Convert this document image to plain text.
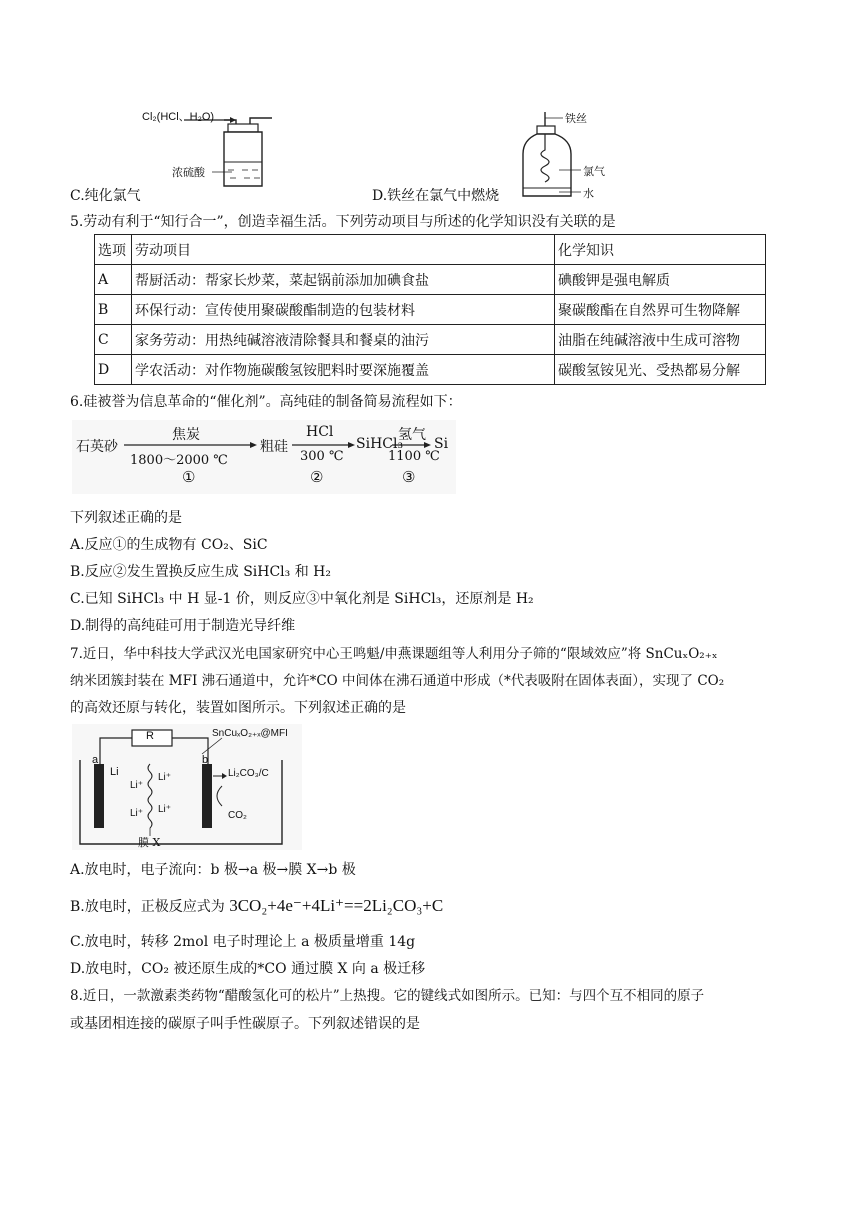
Cl₂(HCl、H₂O)
浓硫酸
铁丝
氯气
水
C.纯化氯气	D.铁丝在氯气中燃烧
5.劳动有利于“知行合一”，创造幸福生活。下列劳动项目与所述的化学知识没有关联的是
选项	劳动项目	化学知识
A	帮厨活动：帮家长炒菜，菜起锅前添加加碘食盐	碘酸钾是强电解质
B	环保行动：宣传使用聚碳酸酯制造的包装材料	聚碳酸酯在自然界可生物降解
C	家务劳动：用热纯碱溶液清除餐具和餐桌的油污	油脂在纯碱溶液中生成可溶物
D	学农活动：对作物施碳酸氢铵肥料时要深施覆盖	碳酸氢铵见光、受热都易分解
6.硅被誉为信息革命的“催化剂”。高纯硅的制备简易流程如下：
石英砂
焦炭
1800～2000 ℃
①
粗硅
HCl
300 ℃
②
SiHCl₃
氢气
1100 ℃
③
Si
下列叙述正确的是
A.反应①的生成物有 CO₂、SiC
B.反应②发生置换反应生成 SiHCl₃ 和 H₂
C.已知 SiHCl₃ 中 H 显-1 价，则反应③中氧化剂是 SiHCl₃，还原剂是 H₂
D.制得的高纯硅可用于制造光导纤维
7.近日，华中科技大学武汉光电国家研究中心王鸣魁/申燕课题组等人利用分子筛的“限域效应”将 SnCuₓO₂₊ₓ
纳米团簇封装在 MFI 沸石通道中，允许*CO 中间体在沸石通道中形成（*代表吸附在固体表面），实现了 CO₂
的高效还原与转化，装置如图所示。下列叙述正确的是
R
a
Li
b
SnCuₓO₂₊ₓ@MFI
Li₂CO₃/C
CO₂
Li⁺
Li⁺
Li⁺ Li⁺
膜 X
A.放电时，电子流向：b 极→a 极→膜 X→b 极
B.放电时，正极反应式为 3CO₂+4e⁻+4Li⁺==2Li₂CO₃+C
C.放电时，转移 2mol 电子时理论上 a 极质量增重 14g
D.放电时，CO₂ 被还原生成的*CO 通过膜 X 向 a 极迁移
8.近日，一款激素类药物“醋酸氢化可的松片”上热搜。它的键线式如图所示。已知：与四个互不相同的原子
或基团相连接的碳原子叫手性碳原子。下列叙述错误的是
